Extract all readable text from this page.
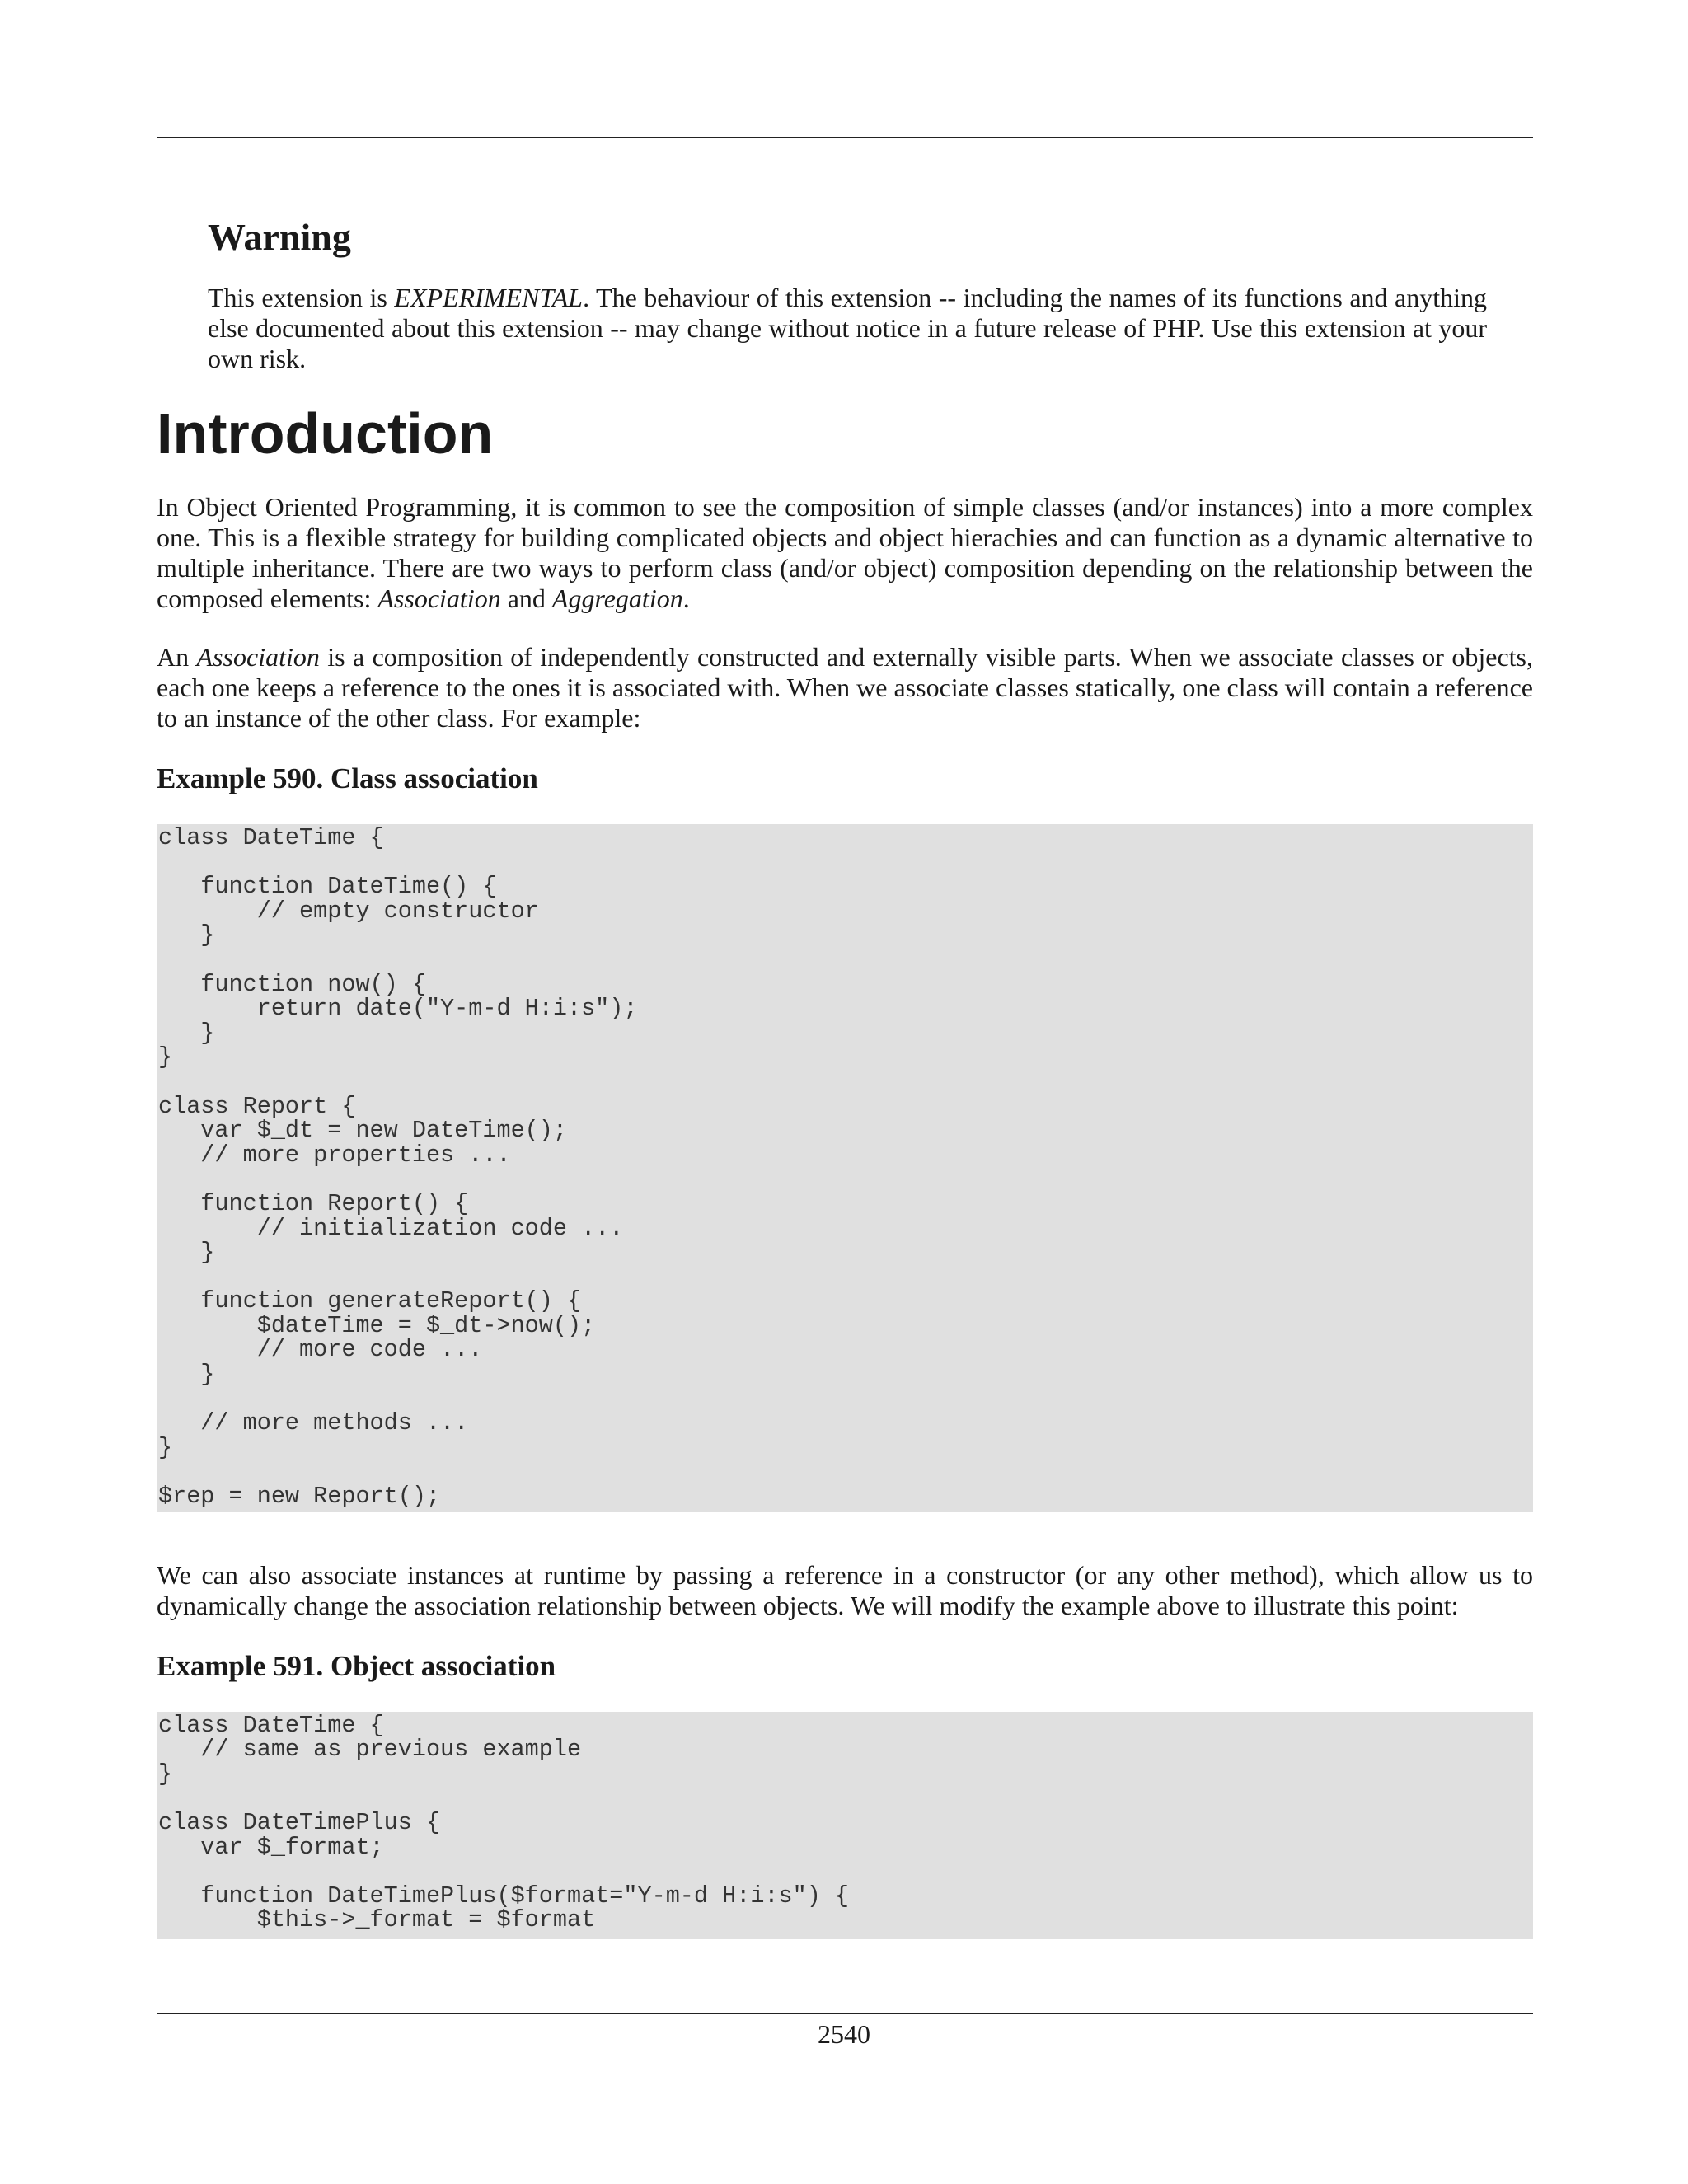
Warning

This extension is EXPERIMENTAL. The behaviour of this extension -- including the names of its functions and anything else documented about this extension -- may change without notice in a future release of PHP. Use this extension at your own risk.

Introduction

In Object Oriented Programming, it is common to see the composition of simple classes (and/or instances) into a more complex one. This is a flexible strategy for building complicated objects and object hierachies and can function as a dynamic alternative to multiple inheritance. There are two ways to perform class (and/or object) composition depending on the relationship between the composed elements: Association and Aggregation.

An Association is a composition of independently constructed and externally visible parts. When we associate classes or objects, each one keeps a reference to the ones it is associated with. When we associate classes statically, one class will contain a reference to an instance of the other class. For example:

Example 590. Class association
class DateTime {

function DateTime() {
// empty constructor
}

function now() {
return date("Y-m-d H:i:s");
}
}

class Report {
var $_dt = new DateTime();
// more properties ...

function Report() {
// initialization code ...
}

function generateReport() {
$dateTime = $_dt->now();
// more code ...
}

// more methods ...
}

$rep = new Report();

We can also associate instances at runtime by passing a reference in a constructor (or any other method), which allow us to dynamically change the association relationship between objects. We will modify the example above to illustrate this point:

Example 591. Object association
class DateTime {
// same as previous example
}

class DateTimePlus {
var $_format;

function DateTimePlus($format="Y-m-d H:i:s") {
$this->_format = $format
2540
